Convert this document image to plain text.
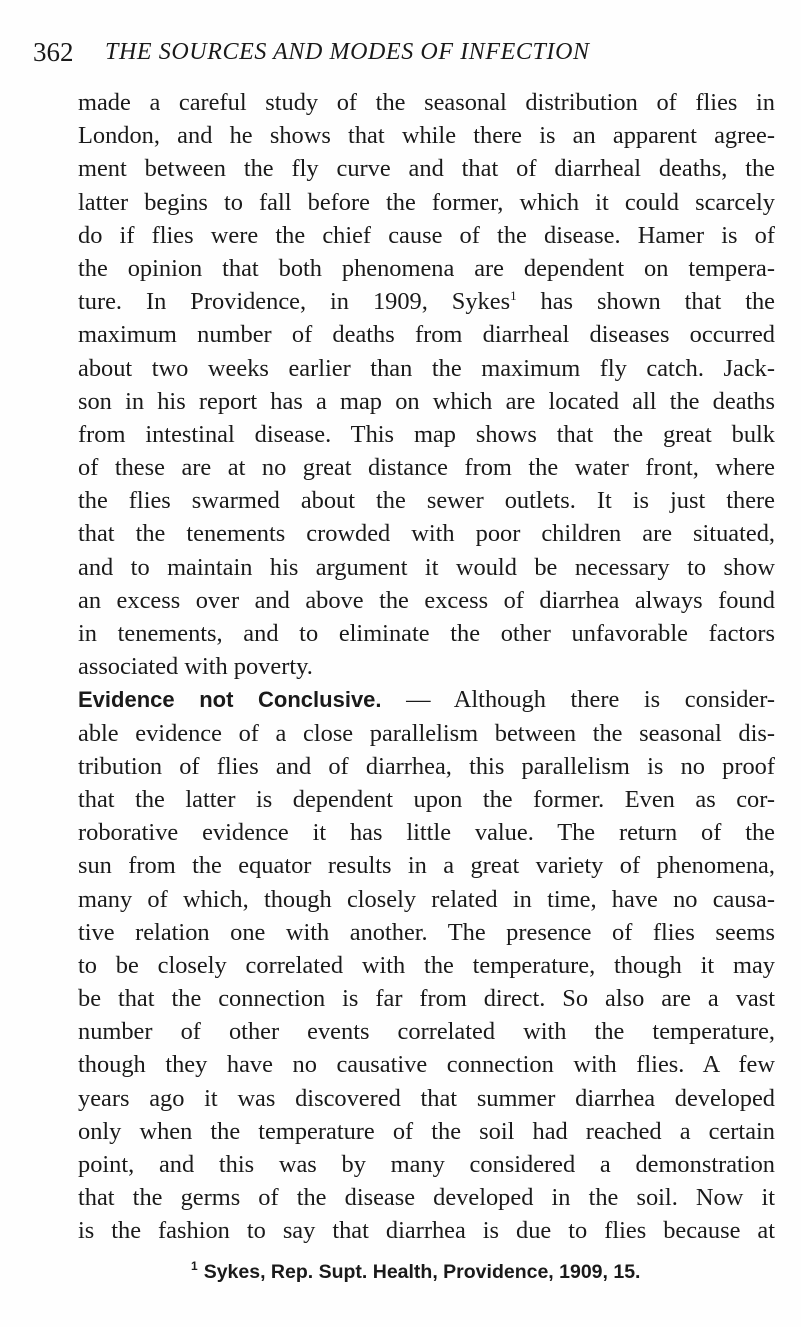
362 THE SOURCES AND MODES OF INFECTION
made a careful study of the seasonal distribution of flies in
London, and he shows that while there is an apparent agree-
ment between the fly curve and that of diarrheal deaths, the
latter begins to fall before the former, which it could scarcely
do if flies were the chief cause of the disease. Hamer is of
the opinion that both phenomena are dependent on tempera-
ture. In Providence, in 1909, Sykes$^1$ has shown that the
maximum number of deaths from diarrheal diseases occurred
about two weeks earlier than the maximum fly catch. Jack-
son in his report has a map on which are located all the deaths
from intestinal disease. This map shows that the great bulk
of these are at no great distance from the water front, where
the flies swarmed about the sewer outlets. It is just there
that the tenements crowded with poor children are situated,
and to maintain his argument it would be necessary to show
an excess over and above the excess of diarrhea always found
in tenements, and to eliminate the other unfavorable factors
associated with poverty.
Evidence not Conclusive. — Although there is consider-
able evidence of a close parallelism between the seasonal dis-
tribution of flies and of diarrhea, this parallelism is no proof
that the latter is dependent upon the former. Even as cor-
roborative evidence it has little value. The return of the
sun from the equator results in a great variety of phenomena,
many of which, though closely related in time, have no causa-
tive relation one with another. The presence of flies seems
to be closely correlated with the temperature, though it may
be that the connection is far from direct. So also are a vast
number of other events correlated with the temperature,
though they have no causative connection with flies. A few
years ago it was discovered that summer diarrhea developed
only when the temperature of the soil had reached a certain
point, and this was by many considered a demonstration
that the germs of the disease developed in the soil. Now it
is the fashion to say that diarrhea is due to flies because at
$^1$ Sykes, Rep. Supt. Health, Providence, 1909, 15.
